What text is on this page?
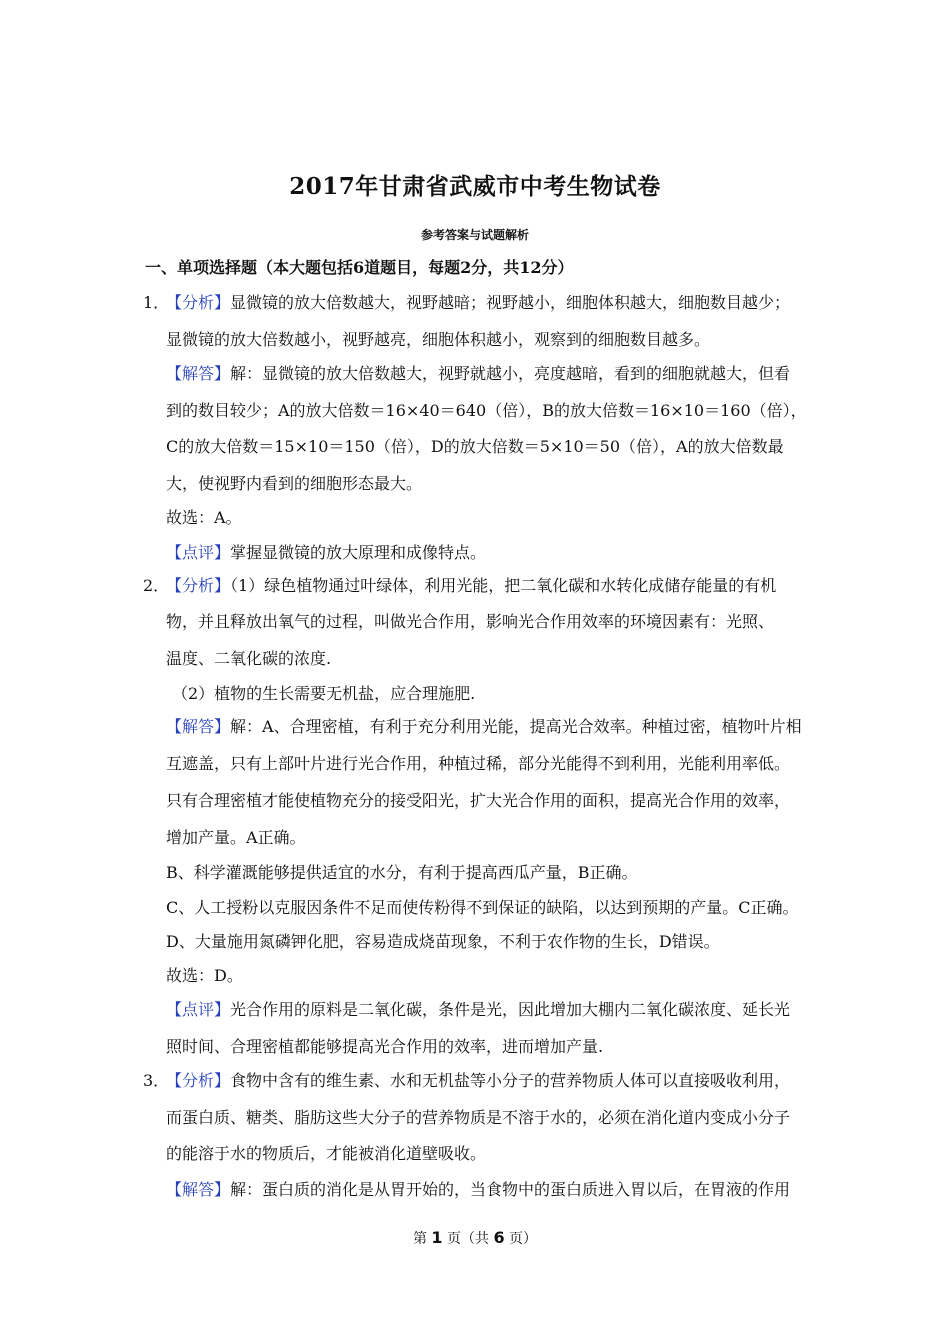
2017年甘肃省武威市中考生物试卷
参考答案与试题解析
一、单项选择题（本大题包括6道题目，每题2分，共12分）
1．
【分析】显微镜的放大倍数越大，视野越暗；视野越小，细胞体积越大，细胞数目越少；
显微镜的放大倍数越小，视野越亮，细胞体积越小，观察到的细胞数目越多。
【解答】解：显微镜的放大倍数越大，视野就越小，亮度越暗，看到的细胞就越大，但看
到的数目较少；A的放大倍数＝16×40＝640（倍），B的放大倍数＝16×10＝160（倍），
C的放大倍数＝15×10＝150（倍），D的放大倍数＝5×10＝50（倍），A的放大倍数最
大，使视野内看到的细胞形态最大。
故选：A。
【点评】掌握显微镜的放大原理和成像特点。
2．
【分析】（1）绿色植物通过叶绿体，利用光能，把二氧化碳和水转化成储存能量的有机
物，并且释放出氧气的过程，叫做光合作用，影响光合作用效率的环境因素有：光照、
温度、二氧化碳的浓度.
（2）植物的生长需要无机盐，应合理施肥.
【解答】解：A、合理密植，有利于充分利用光能，提高光合效率。种植过密，植物叶片相
互遮盖，只有上部叶片进行光合作用，种植过稀，部分光能得不到利用，光能利用率低。
只有合理密植才能使植物充分的接受阳光，扩大光合作用的面积，提高光合作用的效率，
增加产量。A正确。
B、科学灌溉能够提供适宜的水分，有利于提高西瓜产量，B正确。
C、人工授粉以克服因条件不足而使传粉得不到保证的缺陷，以达到预期的产量。C正确。
D、大量施用氮磷钾化肥，容易造成烧苗现象，不利于农作物的生长，D错误。
故选：D。
【点评】光合作用的原料是二氧化碳，条件是光，因此增加大棚内二氧化碳浓度、延长光
照时间、合理密植都能够提高光合作用的效率，进而增加产量.
3．
【分析】食物中含有的维生素、水和无机盐等小分子的营养物质人体可以直接吸收利用，
而蛋白质、糖类、脂肪这些大分子的营养物质是不溶于水的，必须在消化道内变成小分子
的能溶于水的物质后，才能被消化道壁吸收。
【解答】解：蛋白质的消化是从胃开始的，当食物中的蛋白质进入胃以后，在胃液的作用
第 1 页（共 6 页）
